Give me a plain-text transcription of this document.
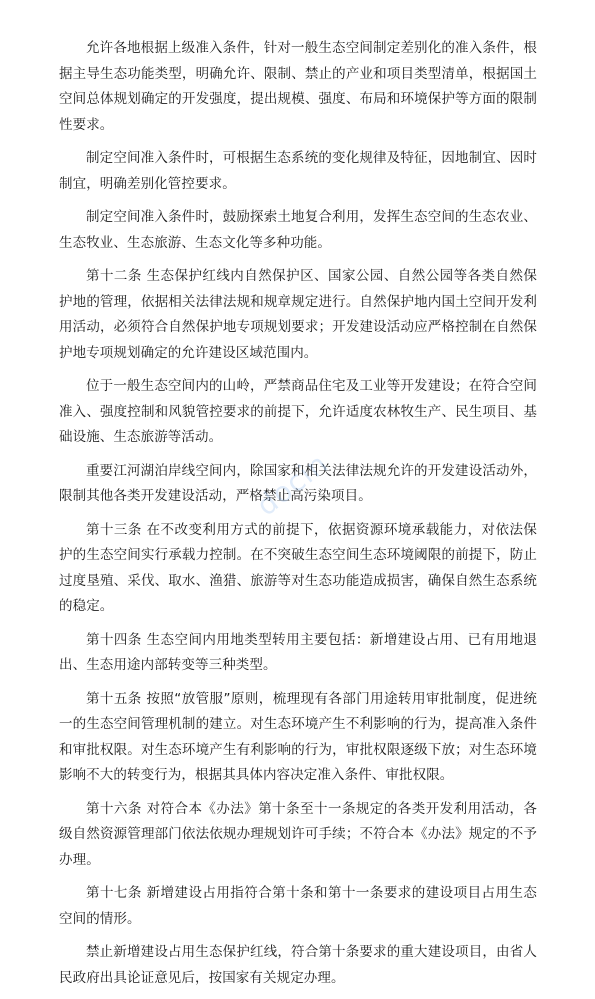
允许各地根据上级准入条件，针对一般生态空间制定差别化的准入条件，根据主导生态功能类型，明确允许、限制、禁止的产业和项目类型清单，根据国土空间总体规划确定的开发强度，提出规模、强度、布局和环境保护等方面的限制性要求。

制定空间准入条件时，可根据生态系统的变化规律及特征，因地制宜、因时制宜，明确差别化管控要求。

制定空间准入条件时，鼓励探索土地复合利用，发挥生态空间的生态农业、生态牧业、生态旅游、生态文化等多种功能。

第十二条 生态保护红线内自然保护区、国家公园、自然公园等各类自然保护地的管理，依据相关法律法规和规章规定进行。自然保护地内国土空间开发利用活动，必须符合自然保护地专项规划要求；开发建设活动应严格控制在自然保护地专项规划确定的允许建设区域范围内。

位于一般生态空间内的山岭，严禁商品住宅及工业等开发建设；在符合空间准入、强度控制和风貌管控要求的前提下，允许适度农林牧生产、民生项目、基础设施、生态旅游等活动。

重要江河湖泊岸线空间内，除国家和相关法律法规允许的开发建设活动外，限制其他各类开发建设活动，严格禁止高污染项目。

第十三条 在不改变利用方式的前提下，依据资源环境承载能力，对依法保护的生态空间实行承载力控制。在不突破生态空间生态环境阈限的前提下，防止过度垦殖、采伐、取水、渔猎、旅游等对生态功能造成损害，确保自然生态系统的稳定。

第十四条 生态空间内用地类型转用主要包括：新增建设占用、已有用地退出、生态用途内部转变等三种类型。

第十五条 按照“放管服”原则，梳理现有各部门用途转用审批制度，促进统一的生态空间管理机制的建立。对生态环境产生不利影响的行为，提高准入条件和审批权限。对生态环境产生有利影响的行为，审批权限逐级下放；对生态环境影响不大的转变行为，根据其具体内容决定准入条件、审批权限。

第十六条 对符合本《办法》第十条至十一条规定的各类开发利用活动，各级自然资源管理部门依法依规办理规划许可手续；不符合本《办法》规定的不予办理。

第十七条 新增建设占用指符合第十条和第十一条要求的建设项目占用生态空间的情形。

禁止新增建设占用生态保护红线，符合第十条要求的重大建设项目，由省人民政府出具论证意见后，按国家有关规定办理。

docin
